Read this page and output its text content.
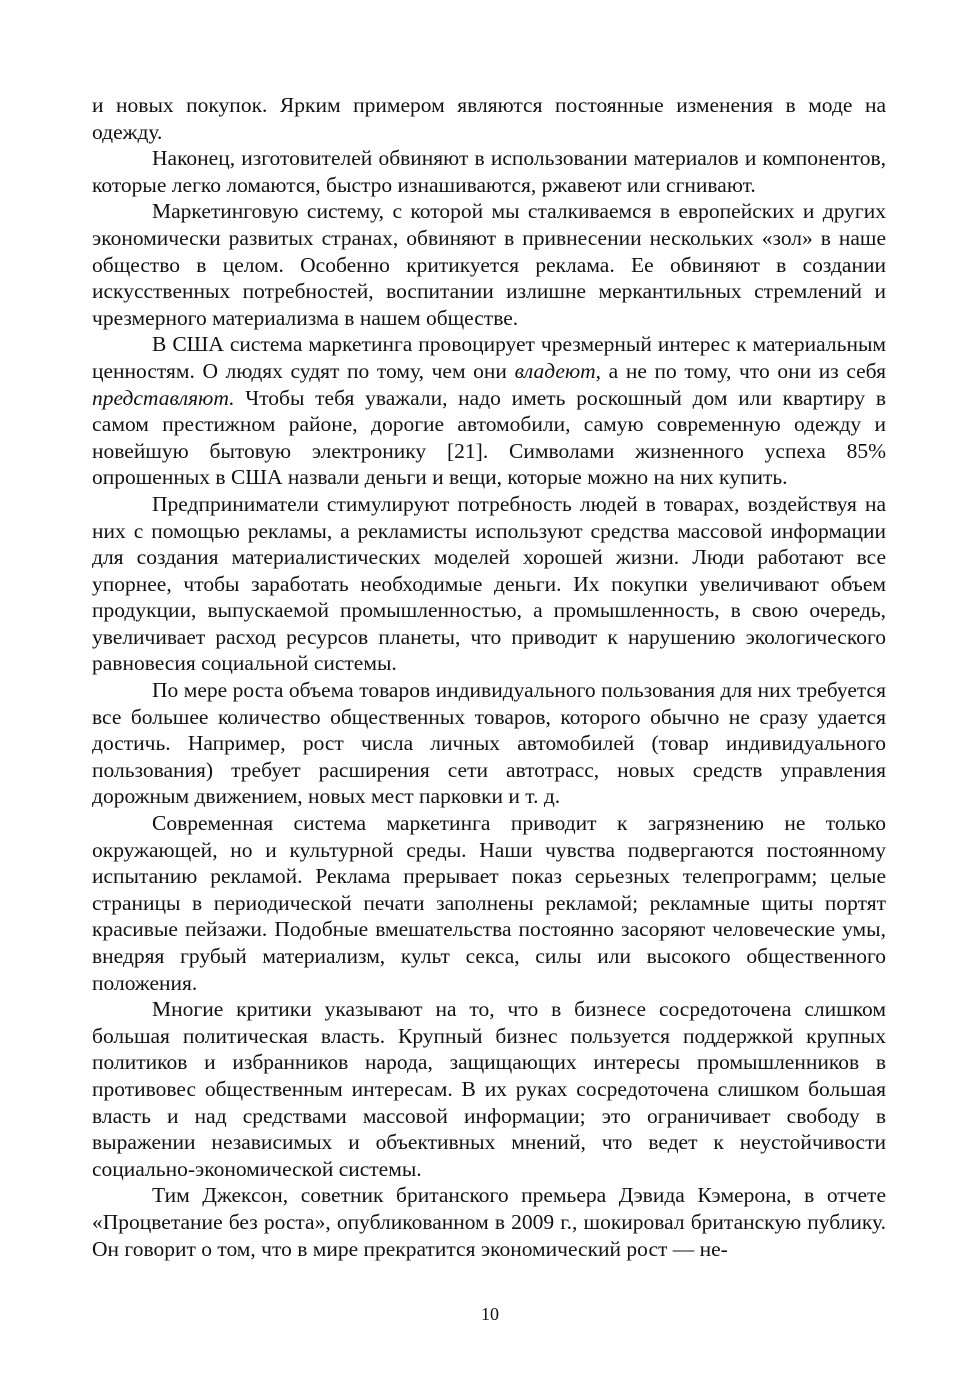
и новых покупок. Ярким примером являются постоянные изменения в моде на одежду.

Наконец, изготовителей обвиняют в использовании материалов и компонентов, которые легко ломаются, быстро изнашиваются, ржавеют или сгнивают.

Маркетинговую систему, с которой мы сталкиваемся в европейских и других экономически развитых странах, обвиняют в привнесении нескольких «зол» в наше общество в целом. Особенно критикуется реклама. Ее обвиняют в создании искусственных потребностей, воспитании излишне меркантильных стремлений и чрезмерного материализма в нашем обществе.

В США система маркетинга провоцирует чрезмерный интерес к материальным ценностям. О людях судят по тому, чем они владеют, а не по тому, что они из себя представляют. Чтобы тебя уважали, надо иметь роскошный дом или квартиру в самом престижном районе, дорогие автомобили, самую современную одежду и новейшую бытовую электронику [21]. Символами жизненного успеха 85% опрошенных в США назвали деньги и вещи, которые можно на них купить.

Предприниматели стимулируют потребность людей в товарах, воздействуя на них с помощью рекламы, а рекламисты используют средства массовой информации для создания материалистических моделей хорошей жизни. Люди работают все упорнее, чтобы заработать необходимые деньги. Их покупки увеличивают объем продукции, выпускаемой промышленностью, а промышленность, в свою очередь, увеличивает расход ресурсов планеты, что приводит к нарушению экологического равновесия социальной системы.

По мере роста объема товаров индивидуального пользования для них требуется все большее количество общественных товаров, которого обычно не сразу удается достичь. Например, рост числа личных автомобилей (товар индивидуального пользования) требует расширения сети автотрасс, новых средств управления дорожным движением, новых мест парковки и т. д.

Современная система маркетинга приводит к загрязнению не только окружающей, но и культурной среды. Наши чувства подвергаются постоянному испытанию рекламой. Реклама прерывает показ серьезных телепрограмм; целые страницы в периодической печати заполнены рекламой; рекламные щиты портят красивые пейзажи. Подобные вмешательства постоянно засоряют человеческие умы, внедряя грубый материализм, культ секса, силы или высокого общественного положения.

Многие критики указывают на то, что в бизнесе сосредоточена слишком большая политическая власть. Крупный бизнес пользуется поддержкой крупных политиков и избранников народа, защищающих интересы промышленников в противовес общественным интересам. В их руках сосредоточена слишком большая власть и над средствами массовой информации; это ограничивает свободу в выражении независимых и объективных мнений, что ведет к неустойчивости социально-экономической системы.

Тим Джексон, советник британского премьера Дэвида Кэмерона, в отчете «Процветание без роста», опубликованном в 2009 г., шокировал британскую публику. Он говорит о том, что в мире прекратится экономический рост — не-

10
